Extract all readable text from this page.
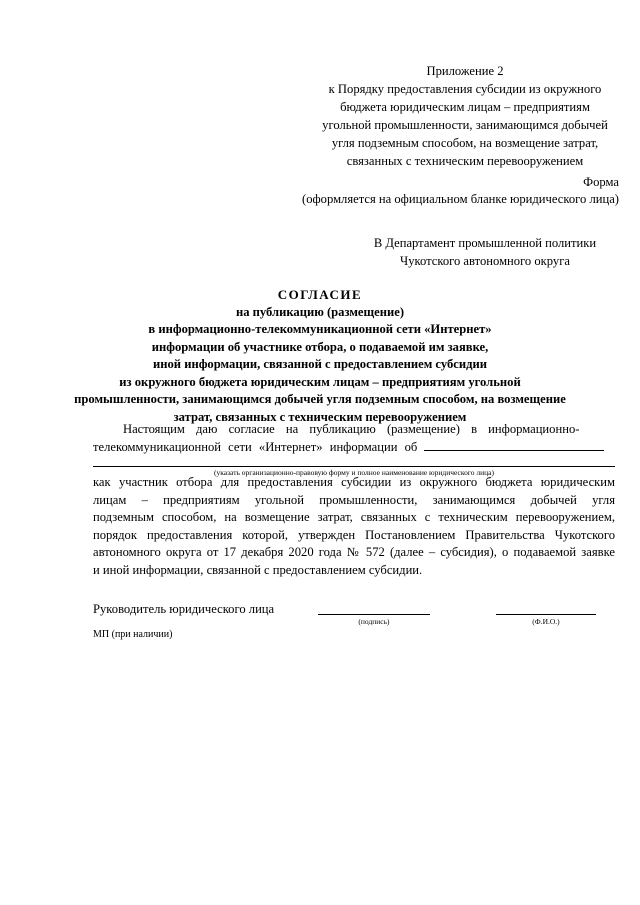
Приложение 2
к Порядку предоставления субсидии из окружного
бюджета юридическим лицам – предприятиям
угольной промышленности, занимающимся добычей
угля подземным способом, на возмещение затрат,
связанных с техническим перевооружением
Форма
(оформляется на официальном бланке юридического лица)
В Департамент промышленной политики
Чукотского автономного округа
СОГЛАСИЕ
на публикацию (размещение)
в информационно-телекоммуникационной сети «Интернет»
информации об участнике отбора, о подаваемой им заявке,
иной информации, связанной с предоставлением субсидии
из окружного бюджета юридическим лицам – предприятиям угольной
промышленности, занимающимся добычей угля подземным способом, на возмещение
затрат, связанных с техническим перевооружением
Настоящим даю согласие на публикацию (размещение) в информационно-
телекоммуникационной сети «Интернет» информации об
(указать организационно-правовую форму и полное наименование юридического лица)
как участник отбора для предоставления субсидии из окружного бюджета юридическим
лицам – предприятиям угольной промышленности, занимающимся добычей угля
подземным способом, на возмещение затрат, связанных с техническим перевооружением,
порядок предоставления которой, утвержден Постановлением Правительства Чукотского
автономного округа от 17 декабря 2020 года № 572 (далее – субсидия), о подаваемой заявке
и иной информации, связанной с предоставлением субсидии.
Руководитель юридического лица
(подпись)	(Ф.И.О.)
МП (при наличии)
